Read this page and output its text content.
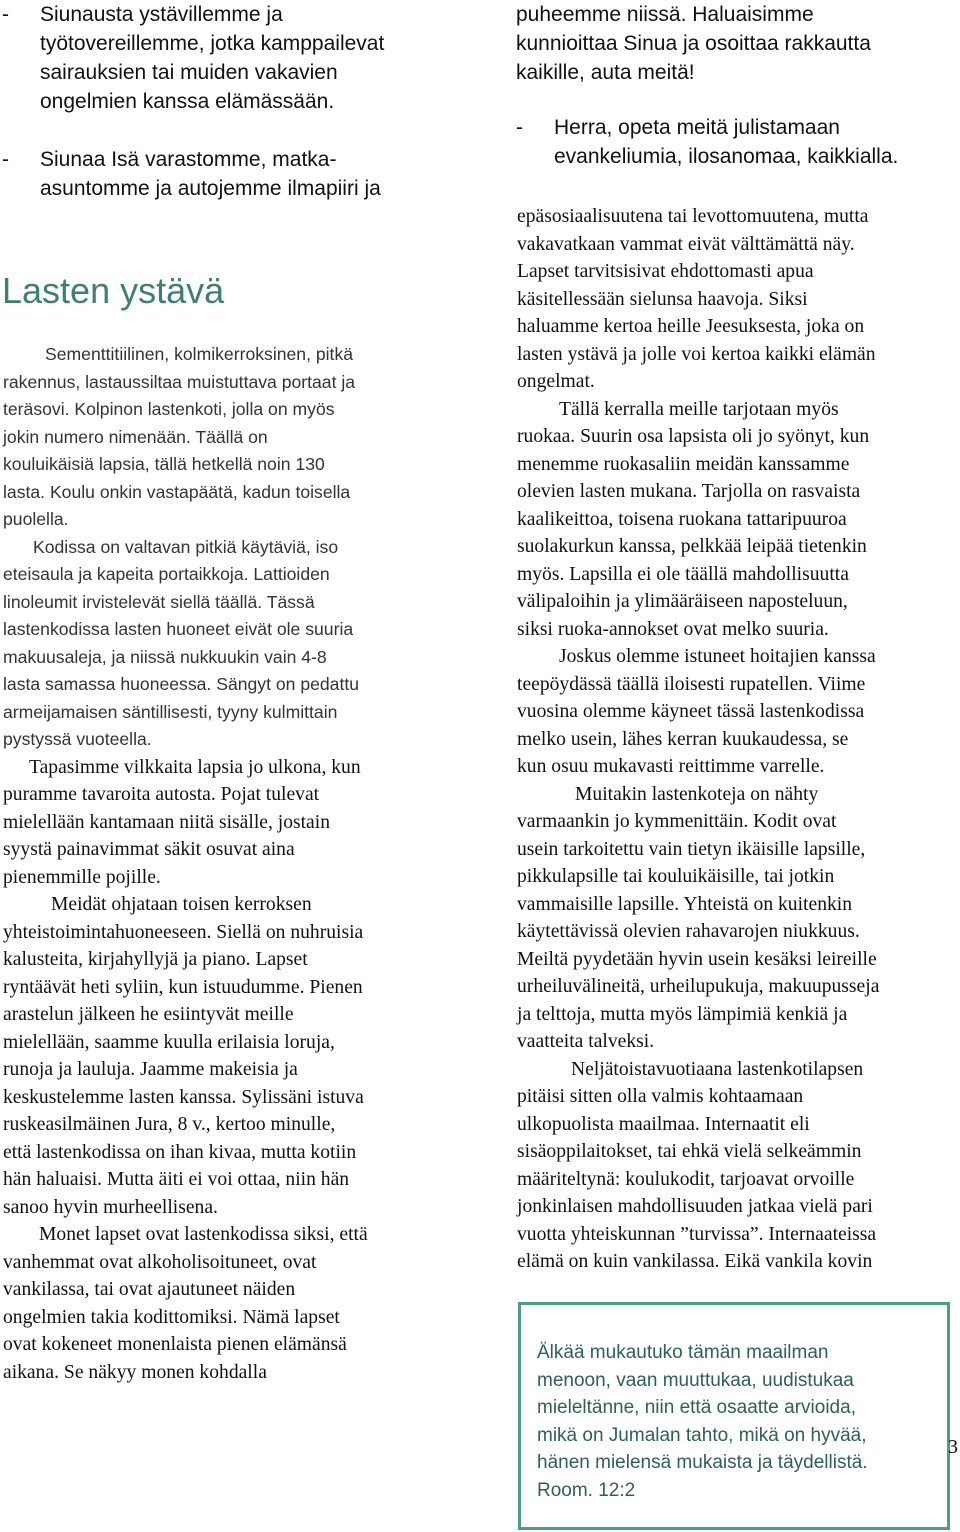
- Siunausta ystävillemme ja
työtovereillemme, jotka kamppailevat
sairauksien tai muiden vakavien
ongelmien kanssa elämässään.
- Siunaa Isä varastomme, matka-
asuntomme ja autojemme ilmapiiri ja
Lasten ystävä
Sementtitiilinen, kolmikerroksinen, pitkä
rakennus, lastaussiltaa muistuttava portaat ja
teräsovi. Kolpinon lastenkoti, jolla on myös
jokin numero nimenään. Täällä on
kouluikäisiä lapsia, tällä hetkellä noin 130
lasta. Koulu onkin vastapäätä, kadun toisella
puolella.
Kodissa on valtavan pitkiä käytäviä, iso
eteisaula ja kapeita portaikkoja. Lattioiden
linoleumit irvistelevät siellä täällä. Tässä
lastenkodissa lasten huoneet eivät ole suuria
makuusaleja, ja niissä nukkuukin vain 4-8
lasta samassa huoneessa. Sängyt on pedattu
armeijamaisen säntillisesti, tyyny kulmittain
pystyssä vuoteella.
Tapasimme vilkkaita lapsia jo ulkona, kun
puramme tavaroita autosta. Pojat tulevat
mielellään kantamaan niitä sisälle, jostain
syystä painavimmat säkit osuvat aina
pienemmille pojille.
Meidät ohjataan toisen kerroksen
yhteistoimintahuoneeseen. Siellä on nuhruisia
kalusteita, kirjahyllyjä ja piano. Lapset
ryntäävät heti syliin, kun istuudumme. Pienen
arastelun jälkeen he esiintyvät meille
mielellään, saamme kuulla erilaisia loruja,
runoja ja lauluja. Jaamme makeisia ja
keskustelemme lasten kanssa. Sylissäni istuva
ruskeasilmäinen Jura, 8 v., kertoo minulle,
että lastenkodissa on ihan kivaa, mutta kotiin
hän haluaisi. Mutta äiti ei voi ottaa, niin hän
sanoo hyvin murheellisena.
Monet lapset ovat lastenkodissa siksi, että
vanhemmat ovat alkoholisoituneet, ovat
vankilassa, tai ovat ajautuneet näiden
ongelmien takia kodittomiksi. Nämä lapset
ovat kokeneet monenlaista pienen elämänsä
aikana. Se näkyy monen kohdalla
puheemme niissä. Haluaisimme
kunnioittaa Sinua ja osoittaa rakkautta
kaikille, auta meitä!
- Herra, opeta meitä julistamaan
evankeliumia, ilosanomaa, kaikkialla.
epäsosiaalisuutena tai levottomuutena, mutta
vakavatkaan vammat eivät välttämättä näy.
Lapset tarvitsisivat ehdottomasti apua
käsitellessään sielunsa haavoja. Siksi
haluamme kertoa heille Jeesuksesta, joka on
lasten ystävä ja jolle voi kertoa kaikki elämän
ongelmat.
Tällä kerralla meille tarjotaan myös
ruokaa. Suurin osa lapsista oli jo syönyt, kun
menemme ruokasaliin meidän kanssamme
olevien lasten mukana. Tarjolla on rasvaista
kaalikeittoa, toisena ruokana tattaripuuroa
suolakurkun kanssa, pelkkää leipää tietenkin
myös. Lapsilla ei ole täällä mahdollisuutta
välipaloihin ja ylimääräiseen naposteluun,
siksi ruoka-annokset ovat melko suuria.
Joskus olemme istuneet hoitajien kanssa
teepöydässä täällä iloisesti rupatellen. Viime
vuosina olemme käyneet tässä lastenkodissa
melko usein, lähes kerran kuukaudessa, se
kun osuu mukavasti reittimme varrelle.
Muitakin lastenkoteja on nähty
varmaankin jo kymmenittäin. Kodit ovat
usein tarkoitettu vain tietyn ikäisille lapsille,
pikkulapsille tai kouluikäisille, tai jotkin
vammaisille lapsille. Yhteistä on kuitenkin
käytettävissä olevien rahavarojen niukkuus.
Meiltä pyydetään hyvin usein kesäksi leireille
urheiluvälineitä, urheilupukuja, makuupusseja
ja telttoja, mutta myös lämpimiä kenkiä ja
vaatteita talveksi.
Neljätoistavuotiaana lastenkotilapsen
pitäisi sitten olla valmis kohtaamaan
ulkopuolista maailmaa. Internaatit eli
sisäoppilaitokset, tai ehkä vielä selkeämmin
määriteltynä: koulukodit, tarjoavat orvoille
jonkinlaisen mahdollisuuden jatkaa vielä pari
vuotta yhteiskunnan ”turvissa”. Internaateissa
elämä on kuin vankilassa. Eikä vankila kovin
Älkää mukautuko tämän maailman
menoon, vaan muuttukaa, uudistukaa
mieleltänne, niin että osaatte arvioida,
mikä on Jumalan tahto, mikä on hyvää,
hänen mielensä mukaista ja täydellistä.
Room. 12:2
3
